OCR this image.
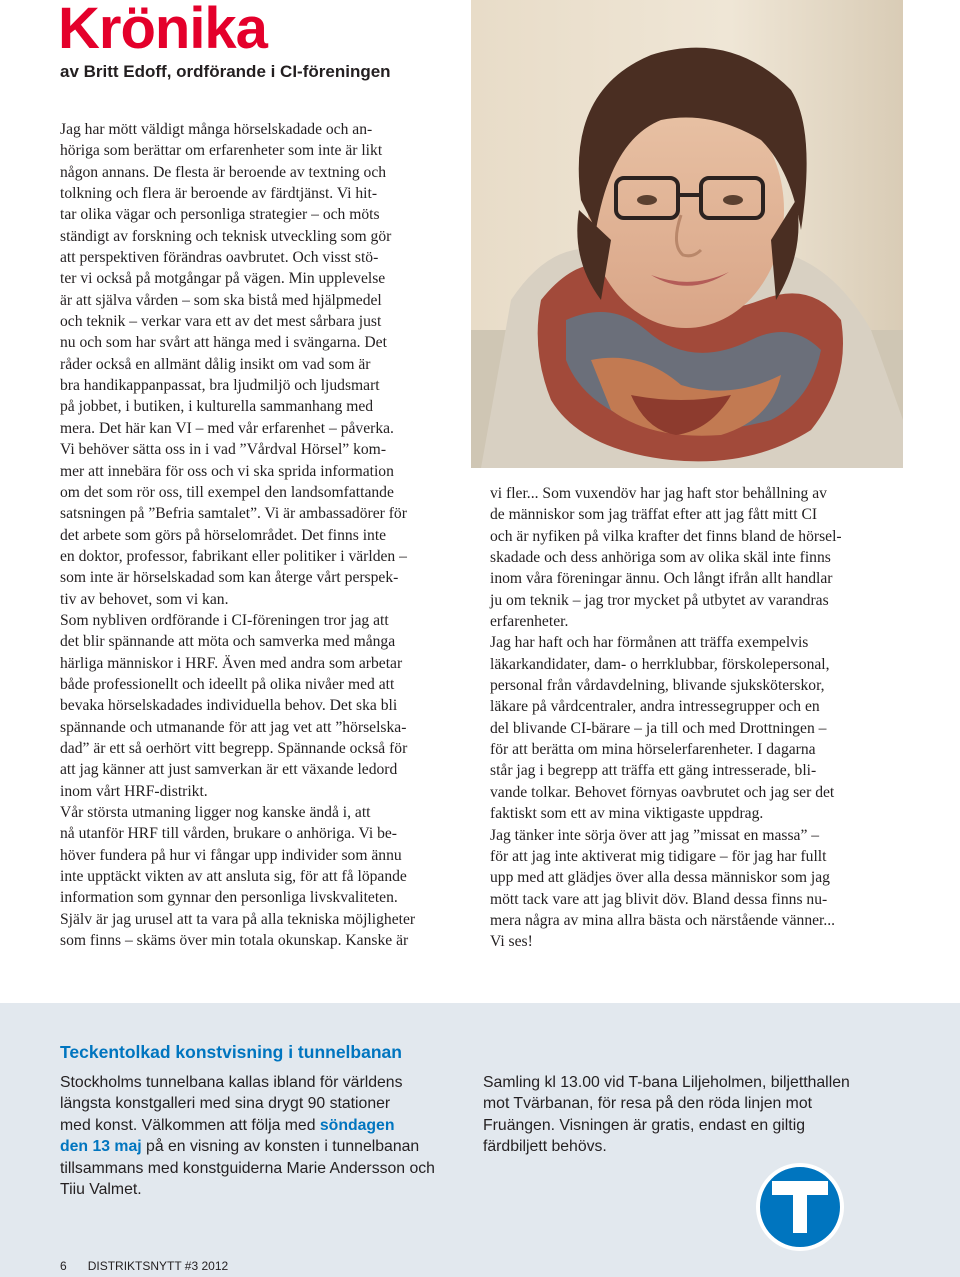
Krönika
av Britt Edoff, ordförande i CI-föreningen
Jag har mött väldigt många hörselskadade och an-
höriga som berättar om erfarenheter som inte är likt
någon annans. De flesta är beroende av textning och
tolkning och flera är beroende av färdtjänst. Vi hit-
tar olika vägar och personliga strategier – och möts
ständigt av forskning och teknisk utveckling som gör
att perspektiven förändras oavbrutet. Och visst stö-
ter vi också på motgångar på vägen. Min upplevelse
är att själva vården – som ska bistå med hjälpmedel
och teknik – verkar vara ett av det mest sårbara just
nu och som har svårt att hänga med i svängarna. Det
råder också en allmänt dålig insikt om vad som är
bra handikappanpassat, bra ljudmiljö och ljudsmart
på jobbet, i butiken, i kulturella sammanhang med
mera. Det här kan VI – med vår erfarenhet – påverka.
Vi behöver sätta oss in i vad ”Vårdval Hörsel” kom-
mer att innebära för oss och vi ska sprida information
om det som rör oss, till exempel den landsomfattande
satsningen på ”Befria samtalet”. Vi är ambassadörer för
det arbete som görs på hörselområdet. Det finns inte
en doktor, professor, fabrikant eller politiker i världen –
som inte är hörselskadad som kan återge vårt perspek-
tiv av behovet, som vi kan.
Som nybliven ordförande i CI-föreningen tror jag att
det blir spännande att möta och samverka med många
härliga människor i HRF. Även med andra som arbetar
både professionellt och ideellt på olika nivåer med att
bevaka hörselskadades individuella behov. Det ska bli
spännande och utmanande för att jag vet att ”hörselska-
dad” är ett så oerhört vitt begrepp. Spännande också för
att jag känner att just samverkan är ett växande ledord
inom vårt HRF-distrikt.
Vår största utmaning ligger nog kanske ändå i, att
nå utanför HRF till vården, brukare o anhöriga. Vi be-
höver fundera på hur vi fångar upp individer som ännu
inte upptäckt vikten av att ansluta sig, för att få löpande
information som gynnar den personliga livskvaliteten.
Själv är jag urusel att ta vara på alla tekniska möjligheter
som finns – skäms över min totala okunskap. Kanske är
vi fler... Som vuxendöv har jag haft stor behållning av
de människor som jag träffat efter att jag fått mitt CI
och är nyfiken på vilka krafter det finns bland de hörsel-
skadade och dess anhöriga som av olika skäl inte finns
inom våra föreningar ännu. Och långt ifrån allt handlar
ju om teknik – jag tror mycket på utbytet av varandras
erfarenheter.
Jag har haft och har förmånen att träffa exempelvis
läkarkandidater, dam- o herrklubbar, förskolepersonal,
personal från vårdavdelning, blivande sjuksköterskor,
läkare på vårdcentraler, andra intressegrupper och en
del blivande CI-bärare – ja till och med Drottningen –
för att berätta om mina hörselerfarenheter. I dagarna
står jag i begrepp att träffa ett gäng intresserade, bli-
vande tolkar. Behovet förnyas oavbrutet och jag ser det
faktiskt som ett av mina viktigaste uppdrag.
Jag tänker inte sörja över att jag ”missat en massa” –
för att jag inte aktiverat mig tidigare – för jag har fullt
upp med att glädjes över alla dessa människor som jag
mött tack vare att jag blivit döv. Bland dessa finns nu-
mera några av mina allra bästa och närstående vänner...
Vi ses!
Teckentolkad konstvisning i tunnelbanan
Stockholms tunnelbana kallas ibland för världens
längsta konstgalleri med sina drygt 90 stationer
med konst. Välkommen att följa med söndagen
den 13 maj på en visning av konsten i tunnelbanan
tillsammans med konstguiderna Marie Andersson och
Tiiu Valmet.
Samling kl 13.00 vid T-bana Liljeholmen, biljetthallen
mot Tvärbanan, för resa på den röda linjen mot
Fruängen. Visningen är gratis, endast en giltig
färdbiljett behövs.
6 DISTRIKTSNYTT #3 2012
